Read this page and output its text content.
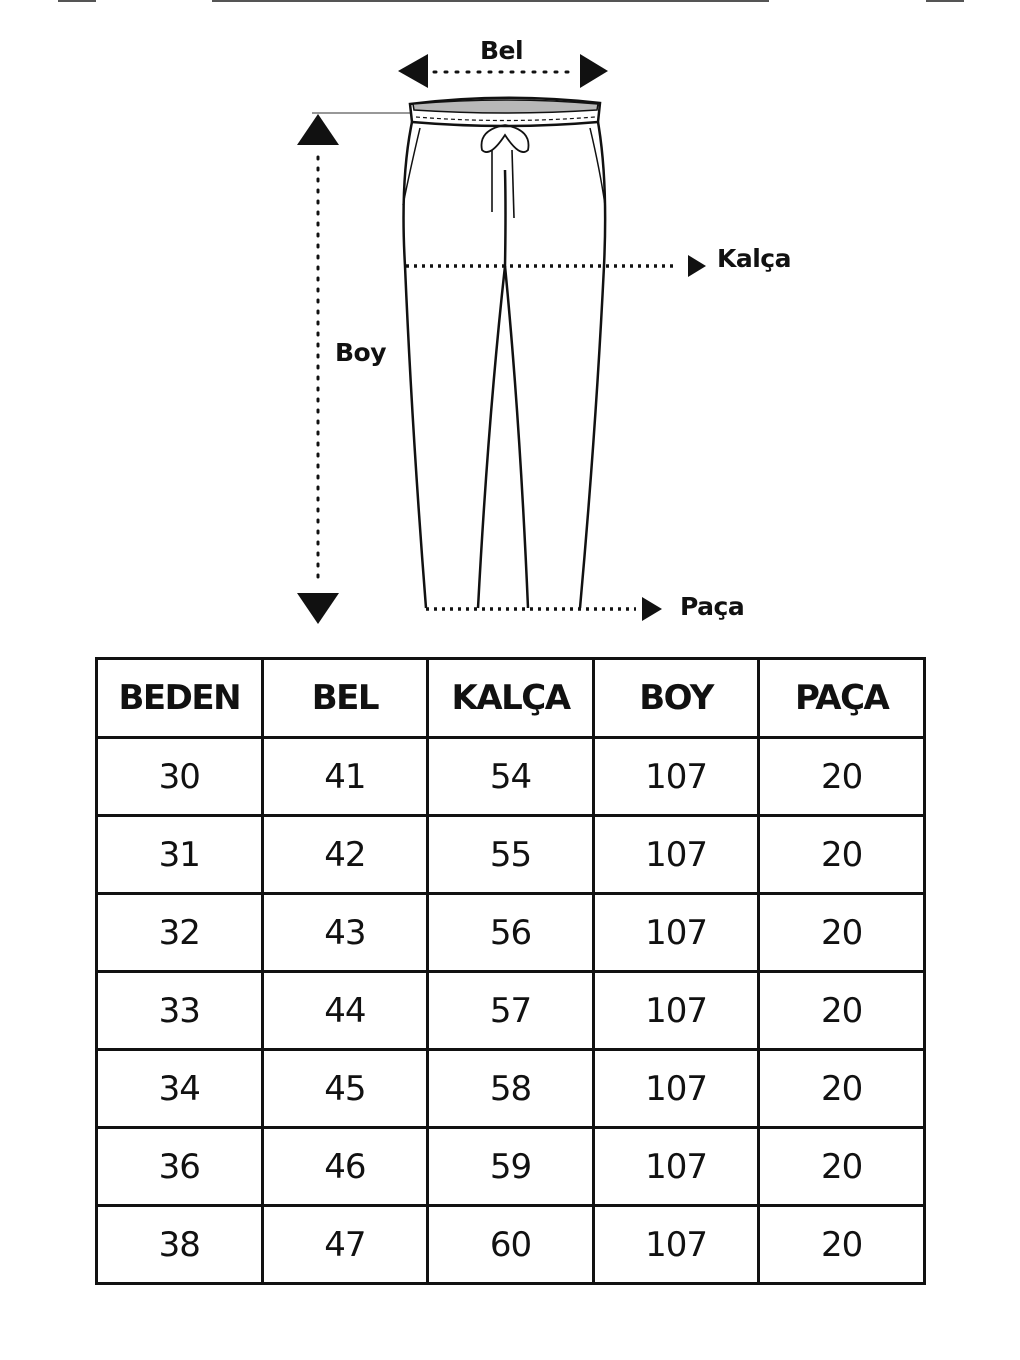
Bel
Kalça
Boy
Paça
BEDEN	BEL	KALÇA	BOY	PAÇA
30	41	54	107	20
31	42	55	107	20
32	43	56	107	20
33	44	57	107	20
34	45	58	107	20
36	46	59	107	20
38	47	60	107	20
